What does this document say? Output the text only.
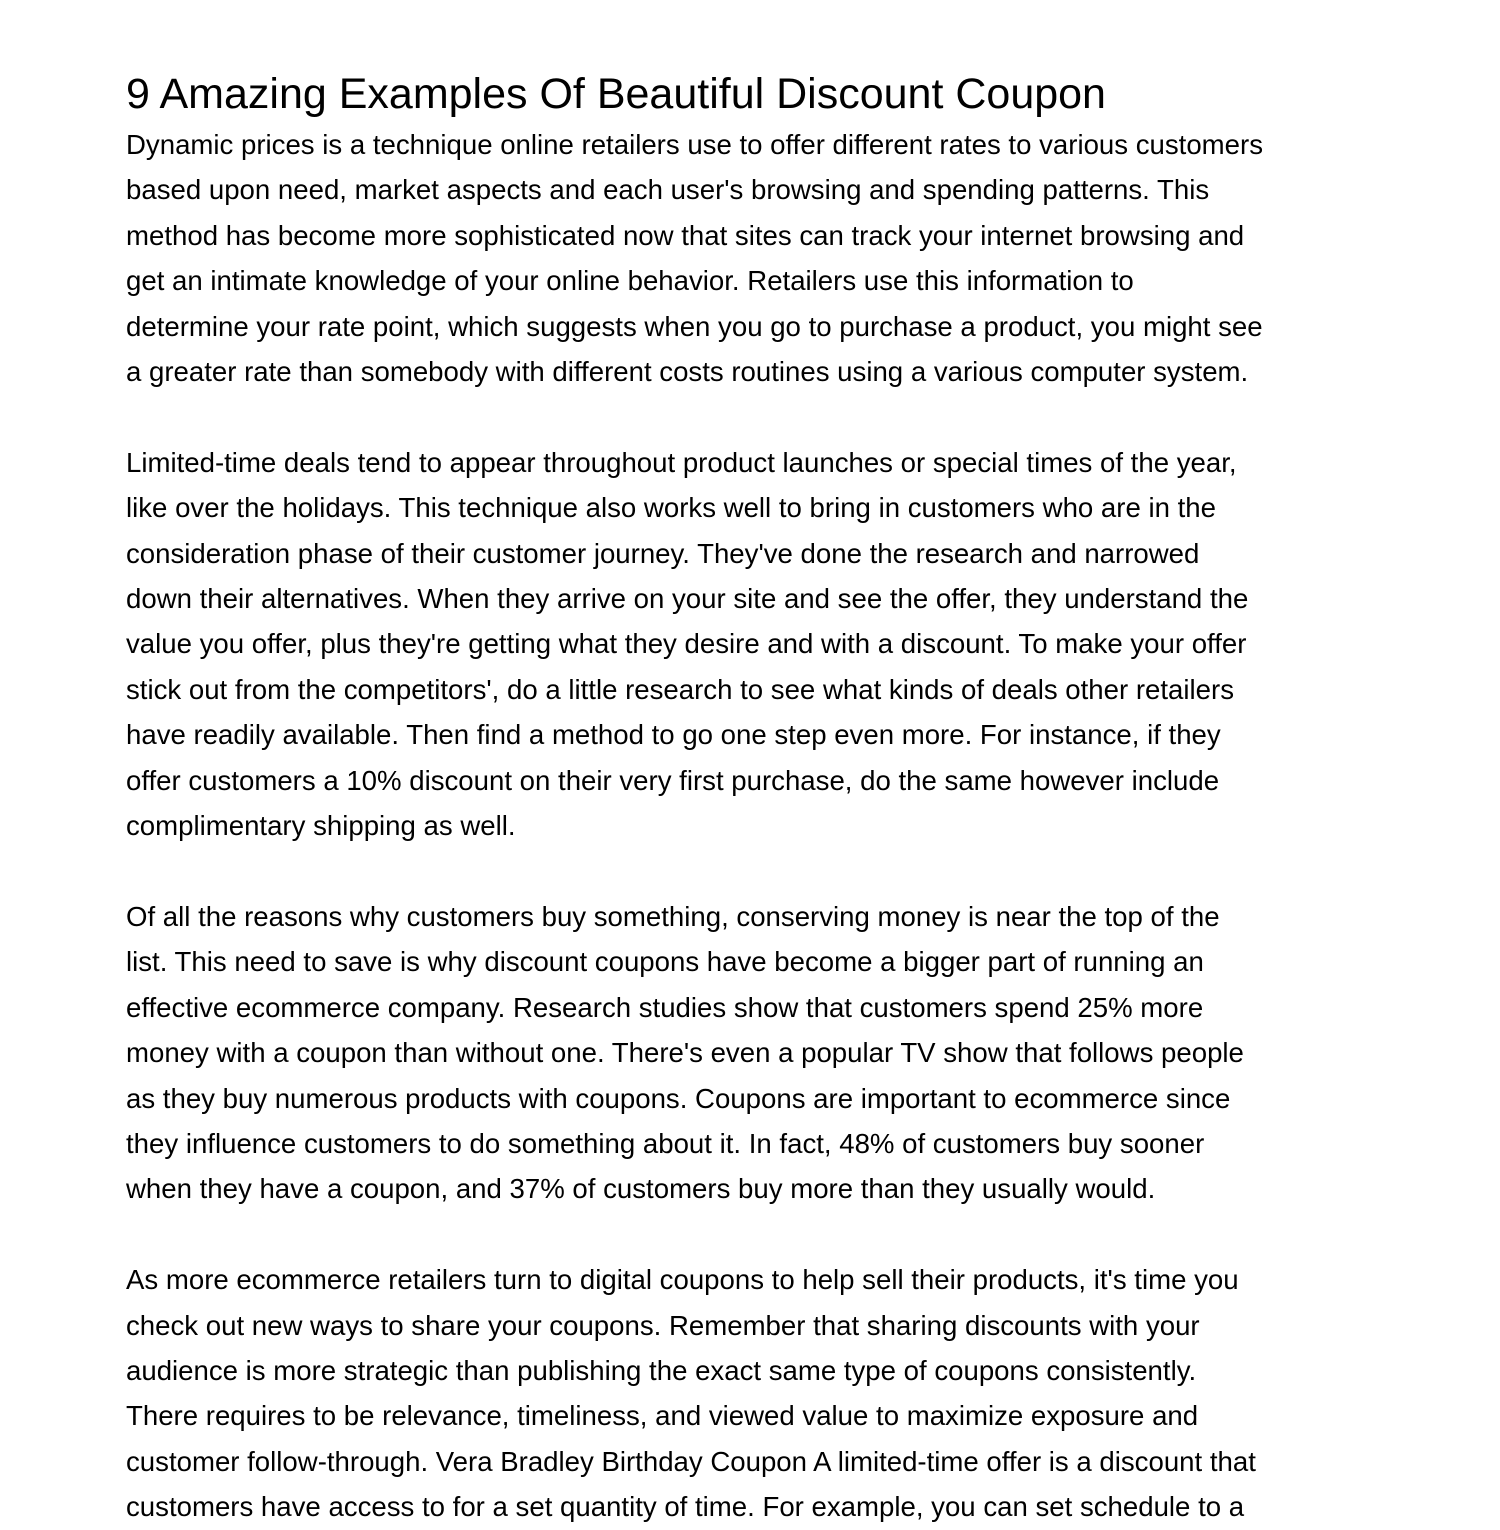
9 Amazing Examples Of Beautiful Discount Coupon

Dynamic prices is a technique online retailers use to offer different rates to various customers
based upon need, market aspects and each user's browsing and spending patterns. This
method has become more sophisticated now that sites can track your internet browsing and
get an intimate knowledge of your online behavior. Retailers use this information to
determine your rate point, which suggests when you go to purchase a product, you might see
a greater rate than somebody with different costs routines using a various computer system.

Limited-time deals tend to appear throughout product launches or special times of the year,
like over the holidays. This technique also works well to bring in customers who are in the
consideration phase of their customer journey. They've done the research and narrowed
down their alternatives. When they arrive on your site and see the offer, they understand the
value you offer, plus they're getting what they desire and with a discount. To make your offer
stick out from the competitors', do a little research to see what kinds of deals other retailers
have readily available. Then find a method to go one step even more. For instance, if they
offer customers a 10% discount on their very first purchase, do the same however include
complimentary shipping as well.

Of all the reasons why customers buy something, conserving money is near the top of the
list. This need to save is why discount coupons have become a bigger part of running an
effective ecommerce company. Research studies show that customers spend 25% more
money with a coupon than without one. There's even a popular TV show that follows people
as they buy numerous products with coupons. Coupons are important to ecommerce since
they influence customers to do something about it. In fact, 48% of customers buy sooner
when they have a coupon, and 37% of customers buy more than they usually would.

As more ecommerce retailers turn to digital coupons to help sell their products, it's time you
check out new ways to share your coupons. Remember that sharing discounts with your
audience is more strategic than publishing the exact same type of coupons consistently.
There requires to be relevance, timeliness, and viewed value to maximize exposure and
customer follow-through. Vera Bradley Birthday Coupon A limited-time offer is a discount that
customers have access to for a set quantity of time. For example, you can set schedule to a
